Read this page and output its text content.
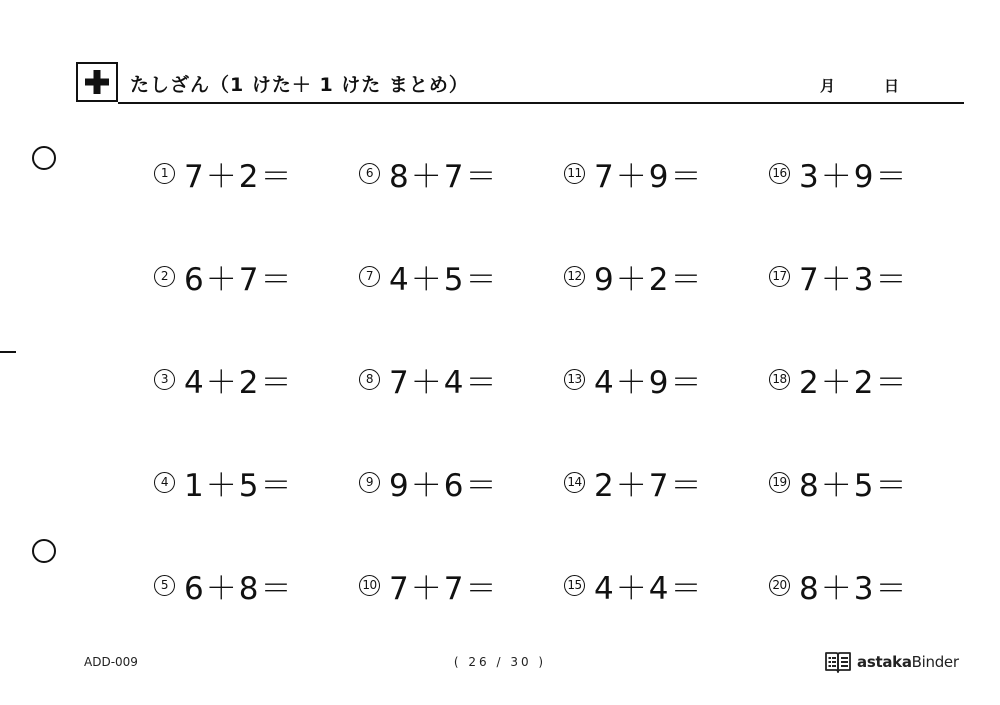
たしざん（1 けた＋ 1 けた まとめ）	月	日
1 7＋2＝
2 6＋7＝
3 4＋2＝
4 1＋5＝
5 6＋8＝
6 8＋7＝
7 4＋5＝
8 7＋4＝
9 9＋6＝
10 7＋7＝
11 7＋9＝
12 9＋2＝
13 4＋9＝
14 2＋7＝
15 4＋4＝
16 3＋9＝
17 7＋3＝
18 2＋2＝
19 8＋5＝
20 8＋3＝
ADD-009	( 26 / 30 )	astaka Binder
